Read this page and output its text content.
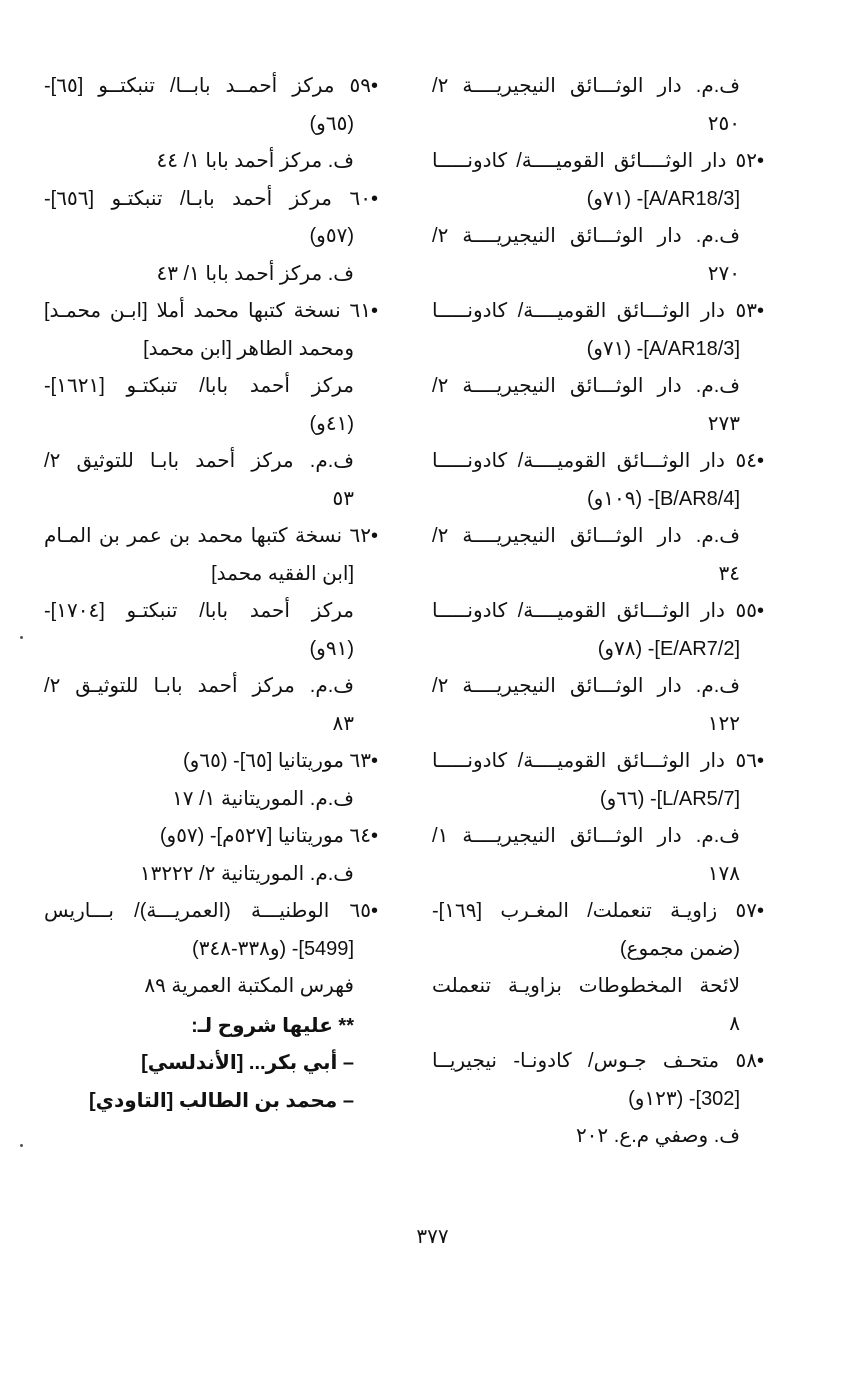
ف.م. دار الوثـــائق النيجيريــــة ٢/
٢٥٠
•٥٢ دار الوثــــائق القوميــــة/ كادونـــــا
[A/AR18/3]- (٧١و)
ف.م. دار الوثـــائق النيجيريــــة ٢/
٢٧٠
•٥٣ دار الوثـــائق القوميــــة/ كادونـــــا
[A/AR18/3]- (٧١و)
ف.م. دار الوثـــائق النيجيريــــة ٢/
٢٧٣
•٥٤ دار الوثـــائق القوميــــة/ كادونـــــا
[B/AR8/4]- (١٠٩و)
ف.م. دار الوثـــائق النيجيريــــة ٢/
٣٤
•٥٥ دار الوثـــائق القوميــــة/ كادونـــــا
[E/AR7/2]- (٧٨و)
ف.م. دار الوثـــائق النيجيريــــة ٢/
١٢٢
•٥٦ دار الوثـــائق القوميــــة/ كادونـــــا
[L/AR5/7]- (٦٦و)
ف.م. دار الوثـــائق النيجيريــــة ١/
١٧٨
•٥٧ زاويـة تنعملت/ المغـرب [١٦٩]-
(ضمن مجموع)
لائحة المخطوطات بزاويـة تنعملت
٨
•٥٨ متحـف جـوس/ كادونـا- نيجيريــا
[302]- (١٢٣و)
ف. وصفي م.ع. ٢٠٢
•٥٩ مركز أحمــد بابــا/ تنبكتــو [٦٥]-
(٦٥و)
ف. مركز أحمد بابا ١/ ٤٤
•٦٠ مركز أحمد بابـا/ تنبكتـو [٦٥٦]-
(٥٧و)
ف. مركز أحمد بابا ١/ ٤٣
•٦١ نسخة كتبها محمد أملا [ابـن محمـد]
ومحمد الطاهر [ابن محمد]
مركز أحمد بابا/ تنبكتـو [١٦٢١]-
(٤١و)
ف.م. مركز أحمد بابـا للتوثيق ٢/
٥٣
•٦٢ نسخة كتبها محمد بن عمر بن المـام
[ابن الفقيه محمد]
مركز أحمد بابا/ تنبكتـو [١٧٠٤]-
(٩١و)
ف.م. مركز أحمد بابـا للتوثيـق ٢/
٨٣
•٦٣ موريتانيا [٦٥]- (٦٥و)
ف.م. الموريتانية ١/ ١٧
•٦٤ موريتانيا [٥٢٧م]- (٥٧و)
ف.م. الموريتانية ٢/ ١٣٢٢٢
•٦٥ الوطنيـــة (العمريـــة)/ بـــاريس
[5499]- (و٣٣٨-٣٤٨)
فهرس المكتبة العمرية ٨٩
** عليها شروح لـ:
– أبي بكر... [الأندلسي]
– محمد بن الطالب [التاودي]
٣٧٧
